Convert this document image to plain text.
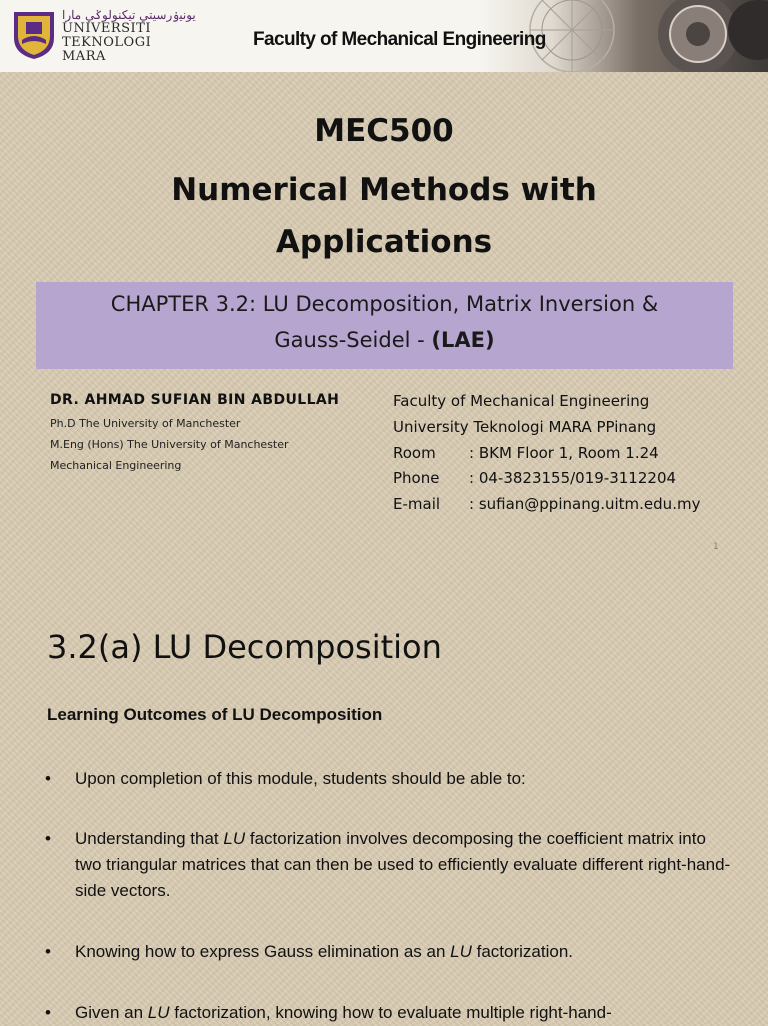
ﯾﻮﻧﯿۏرسيتي تيکنولوݢي مارا
UNIVERSITI
TEKNOLOGI
MARA
Faculty of Mechanical Engineering
MEC500
Numerical Methods with
Applications
CHAPTER 3.2: LU Decomposition, Matrix Inversion &
Gauss-Seidel - (LAE)
DR. AHMAD SUFIAN BIN ABDULLAH
Ph.D The University of Manchester
M.Eng (Hons) The University of Manchester
Mechanical Engineering
Faculty of Mechanical Engineering
University Teknologi MARA PPinang
Room : BKM Floor 1, Room 1.24
Phone : 04-3823155/019-3112204
E-mail : sufian@ppinang.uitm.edu.my
1
3.2(a) LU Decomposition
Learning Outcomes of LU Decomposition
• Upon completion of this module, students should be able to:
• Understanding that LU factorization involves decomposing the coefficient matrix into two triangular matrices that can then be used to efficiently evaluate different right-hand-side vectors.
• Knowing how to express Gauss elimination as an LU factorization.
• Given an LU factorization, knowing how to evaluate multiple right-hand-
